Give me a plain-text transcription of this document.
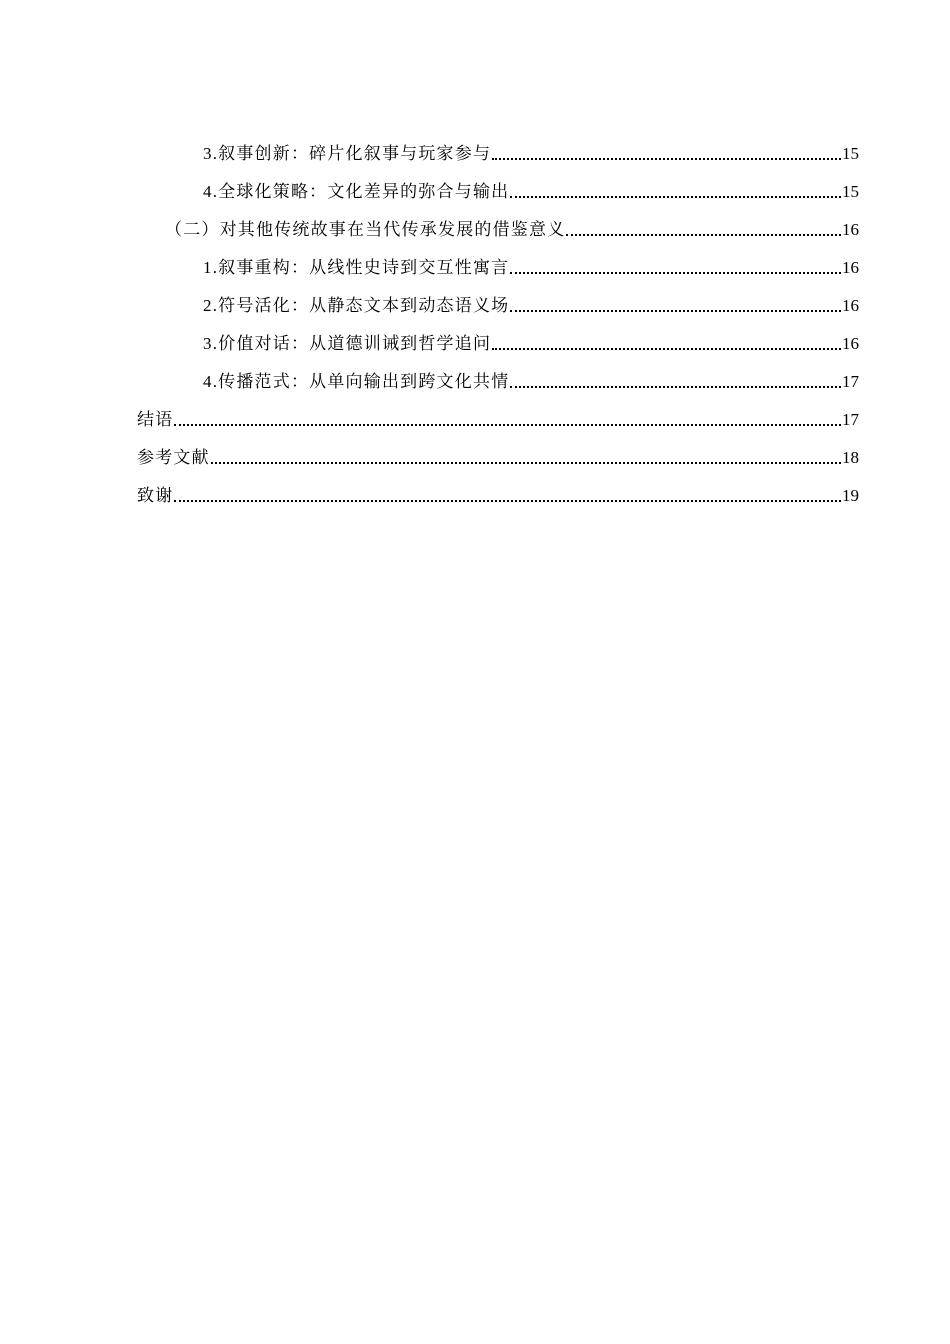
3.叙事创新：碎片化叙事与玩家参与	15
4.全球化策略：文化差异的弥合与输出	15
（二）对其他传统故事在当代传承发展的借鉴意义	16
1.叙事重构：从线性史诗到交互性寓言	16
2.符号活化：从静态文本到动态语义场	16
3.价值对话：从道德训诫到哲学追问	16
4.传播范式：从单向输出到跨文化共情	17
结语	17
参考文献	18
致谢	19
